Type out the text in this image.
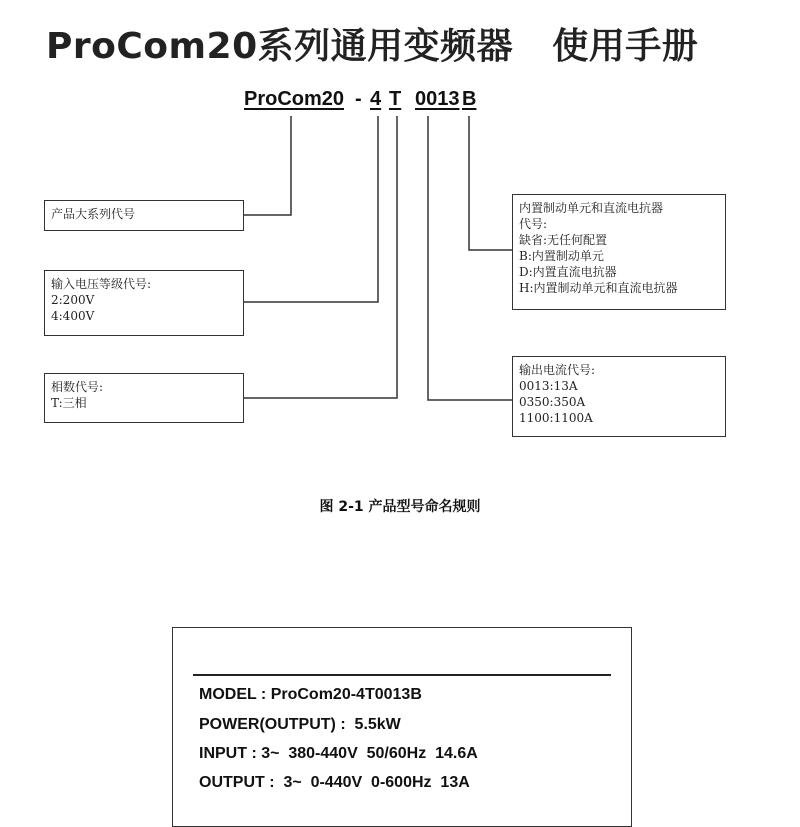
ProCom20系列通用变频器   使用手册
ProCom20 - 4 T 0013 B
产品大系列代号
输入电压等级代号:
2:200V
4:400V
相数代号:
T:三相
内置制动单元和直流电抗器
代号:
缺省:无任何配置
B:内置制动单元
D:内置直流电抗器
H:内置制动单元和直流电抗器
输出电流代号:
0013:13A
0350:350A
1100:1100A
图 2-1 产品型号命名规则
MODEL : ProCom20-4T0013B
POWER(OUTPUT) :  5.5kW
INPUT : 3~  380-440V  50/60Hz  14.6A
OUTPUT :  3~  0-440V  0-600Hz  13A
